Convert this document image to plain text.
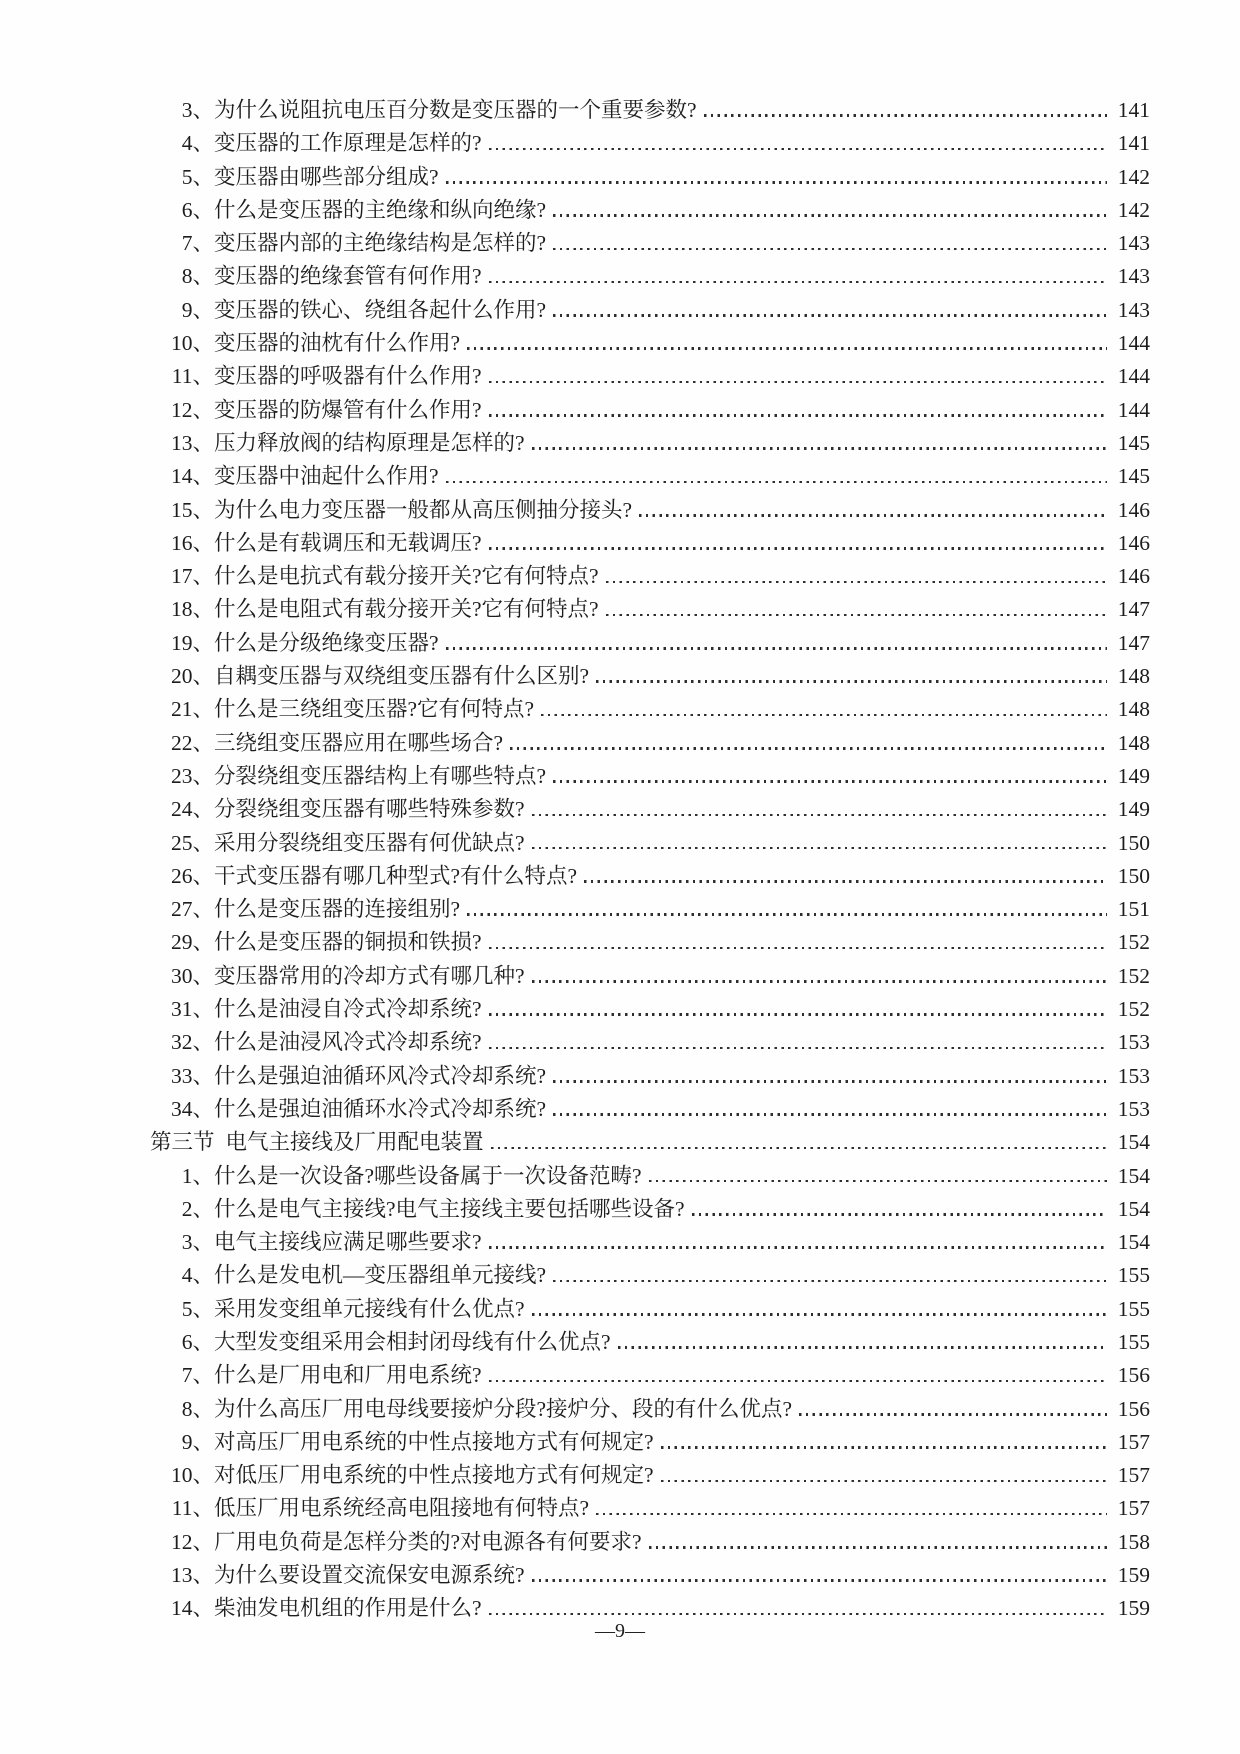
3、 为什么说阻抗电压百分数是变压器的一个重要参数?	141
4、 变压器的工作原理是怎样的?	141
5、 变压器由哪些部分组成?	142
6、 什么是变压器的主绝缘和纵向绝缘?	142
7、 变压器内部的主绝缘结构是怎样的?	143
8、 变压器的绝缘套管有何作用?	143
9、 变压器的铁心、绕组各起什么作用?	143
10、 变压器的油枕有什么作用?	144
11、 变压器的呼吸器有什么作用?	144
12、 变压器的防爆管有什么作用?	144
13、 压力释放阀的结构原理是怎样的?	145
14、 变压器中油起什么作用?	145
15、 为什么电力变压器一般都从高压侧抽分接头?	146
16、 什么是有载调压和无载调压?	146
17、 什么是电抗式有载分接开关?它有何特点?	146
18、 什么是电阻式有载分接开关?它有何特点?	147
19、 什么是分级绝缘变压器?	147
20、 自耦变压器与双绕组变压器有什么区别?	148
21、 什么是三绕组变压器?它有何特点?	148
22、 三绕组变压器应用在哪些场合?	148
23、 分裂绕组变压器结构上有哪些特点?	149
24、 分裂绕组变压器有哪些特殊参数?	149
25、 采用分裂绕组变压器有何优缺点?	150
26、 干式变压器有哪几种型式?有什么特点?	150
27、 什么是变压器的连接组别?	151
29、 什么是变压器的铜损和铁损?	152
30、 变压器常用的冷却方式有哪几种?	152
31、 什么是油浸自冷式冷却系统?	152
32、 什么是油浸风冷式冷却系统?	153
33、 什么是强迫油循环风冷式冷却系统?	153
34、 什么是强迫油循环水冷式冷却系统?	153
第三节 电气主接线及厂用配电装置	154
1、 什么是一次设备?哪些设备属于一次设备范畴?	154
2、 什么是电气主接线?电气主接线主要包括哪些设备?	154
3、 电气主接线应满足哪些要求?	154
4、 什么是发电机—变压器组单元接线?	155
5、 采用发变组单元接线有什么优点?	155
6、 大型发变组采用会相封闭母线有什么优点?	155
7、 什么是厂用电和厂用电系统?	156
8、 为什么高压厂用电母线要接炉分段?接炉分、段的有什么优点?	156
9、 对高压厂用电系统的中性点接地方式有何规定?	157
10、 对低压厂用电系统的中性点接地方式有何规定?	157
11、 低压厂用电系统经高电阻接地有何特点?	157
12、 厂用电负荷是怎样分类的?对电源各有何要求?	158
13、 为什么要设置交流保安电源系统?	159
14、 柴油发电机组的作用是什么?	159
—9—
